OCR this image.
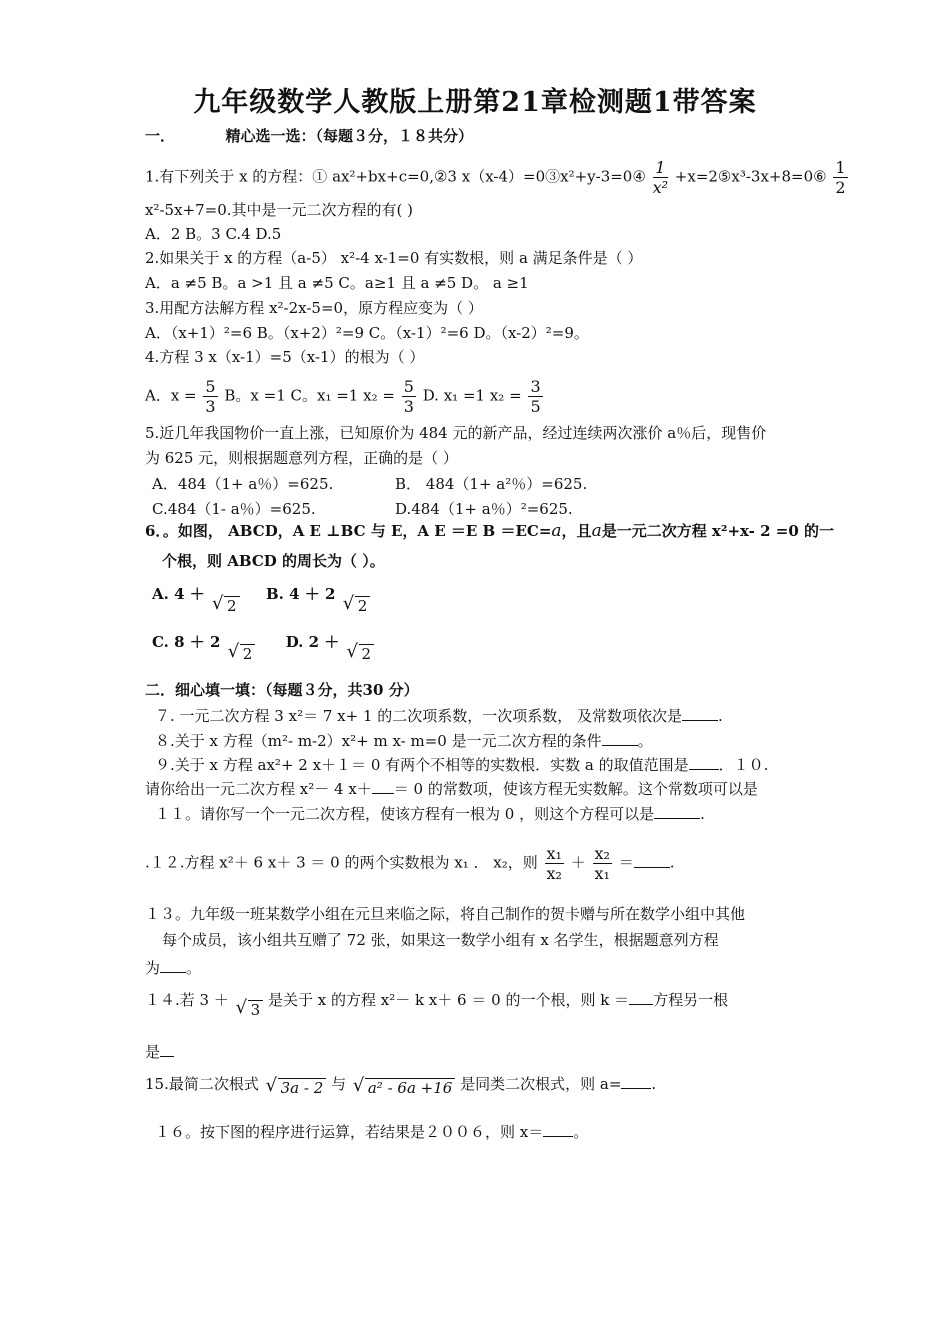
九年级数学人教版上册第21章检测题1带答案
一．	精心选一选：（每题３分，１８共分）
1.有下列关于 x 的方程：① ax²+bx+c=0,②3 x（x-4）=0③x²+y-3=0④ $\frac{1}{\text{x²}}$ +x=2⑤x³-3x+8=0⑥ $\frac{1}{2}$
x²-5x+7=0.其中是一元二次方程的有( )
A．2 B。3 C.4 D.5
2.如果关于 x 的方程（a-5） x²-4 x-1=0 有实数根，则 a 满足条件是（ ）
A．a ≠5 B。a >1 且 a ≠5 C。a≥1 且 a ≠5 D。 a ≥1
3.用配方法解方程 x²-2x-5=0，原方程应变为（ ）
A．（x+1）²=6 B。（x+2）²=9 C。（x-1）²=6 D。（x-2）²=9。
4.方程 3 x（x-1）=5（x-1）的根为（ ）
A．$x = \frac{5}{3}$ B。x =1 C。x₁ =1 $x_2 = \frac{5}{3} D$. x₁ =1 $x_2 = \frac{3}{5}$
5.近几年我国物价一直上涨，已知原价为 484 元的新产品，经过连续两次涨价 a％后，现售价
为 625 元，则根据题意列方程，正确的是（ ）
A．484（1+ a％）=625.	B． 484（1+ a²％）=625.
C.484（1- a％）=625.	D.484（1+ a％）²=625.
6．。如图， ABCD，A E ⊥BC 与 E，A E ＝E B ＝EC=a，且a是一元二次方程 x²+x- 2 =0 的一
个根，则 ABCD 的周长为（ ）。
A. 4 ＋ √ 2  B. 4 ＋ 2 √ 2
C. 8 ＋ 2 √ 2  D. 2 ＋ √ 2
二．细心填一填：（每题３分，共30 分）
７. 一元二次方程 3 x²＝ 7 x+ 1 的二次项系数，一次项系数， 及常数项依次是 .
８.关于 x 方程（m²- m-2）x²+ m x- m=0 是一元二次方程的条件 。
９.关于 x 方程 ax²+ 2 x＋１＝ 0 有两个不相等的实数根．实数 a 的取值范围是 ．１０.
请你给出一元二次方程 x²－ 4 x＋ ＝ 0 的常数项，使该方程无实数解。这个常数项可以是
１１。请你写一个一元二次方程，使该方程有一根为 0 ，则这个方程可以是	.
.１２.方程 x²＋ 6 x＋ 3 ＝ 0 的两个实数根为 x₁ ． x₂，则 $\frac{\text{x₁}}{\text{x₂}} + \frac{\text{x₂}}{\text{x₁}}$ ＝ .
１３。九年级一班某数学小组在元旦来临之际，将自己制作的贺卡赠与所在数学小组中其他
每个成员，该小组共互赠了 72 张，如果这一数学小组有 x 名学生，根据题意列方程
为 。
１４.若 3 ＋ √ 3 是关于 x 的方程 x²－ k x＋ 6 ＝ 0 的一个根，则 k ＝ 方程另一根
是
15.最简二次根式 √ 3a - 2 与 √ a² - 6a +16 是同类二次根式，则 a= .
１６。按下图的程序进行运算，若结果是２００６，则 x＝ 。
